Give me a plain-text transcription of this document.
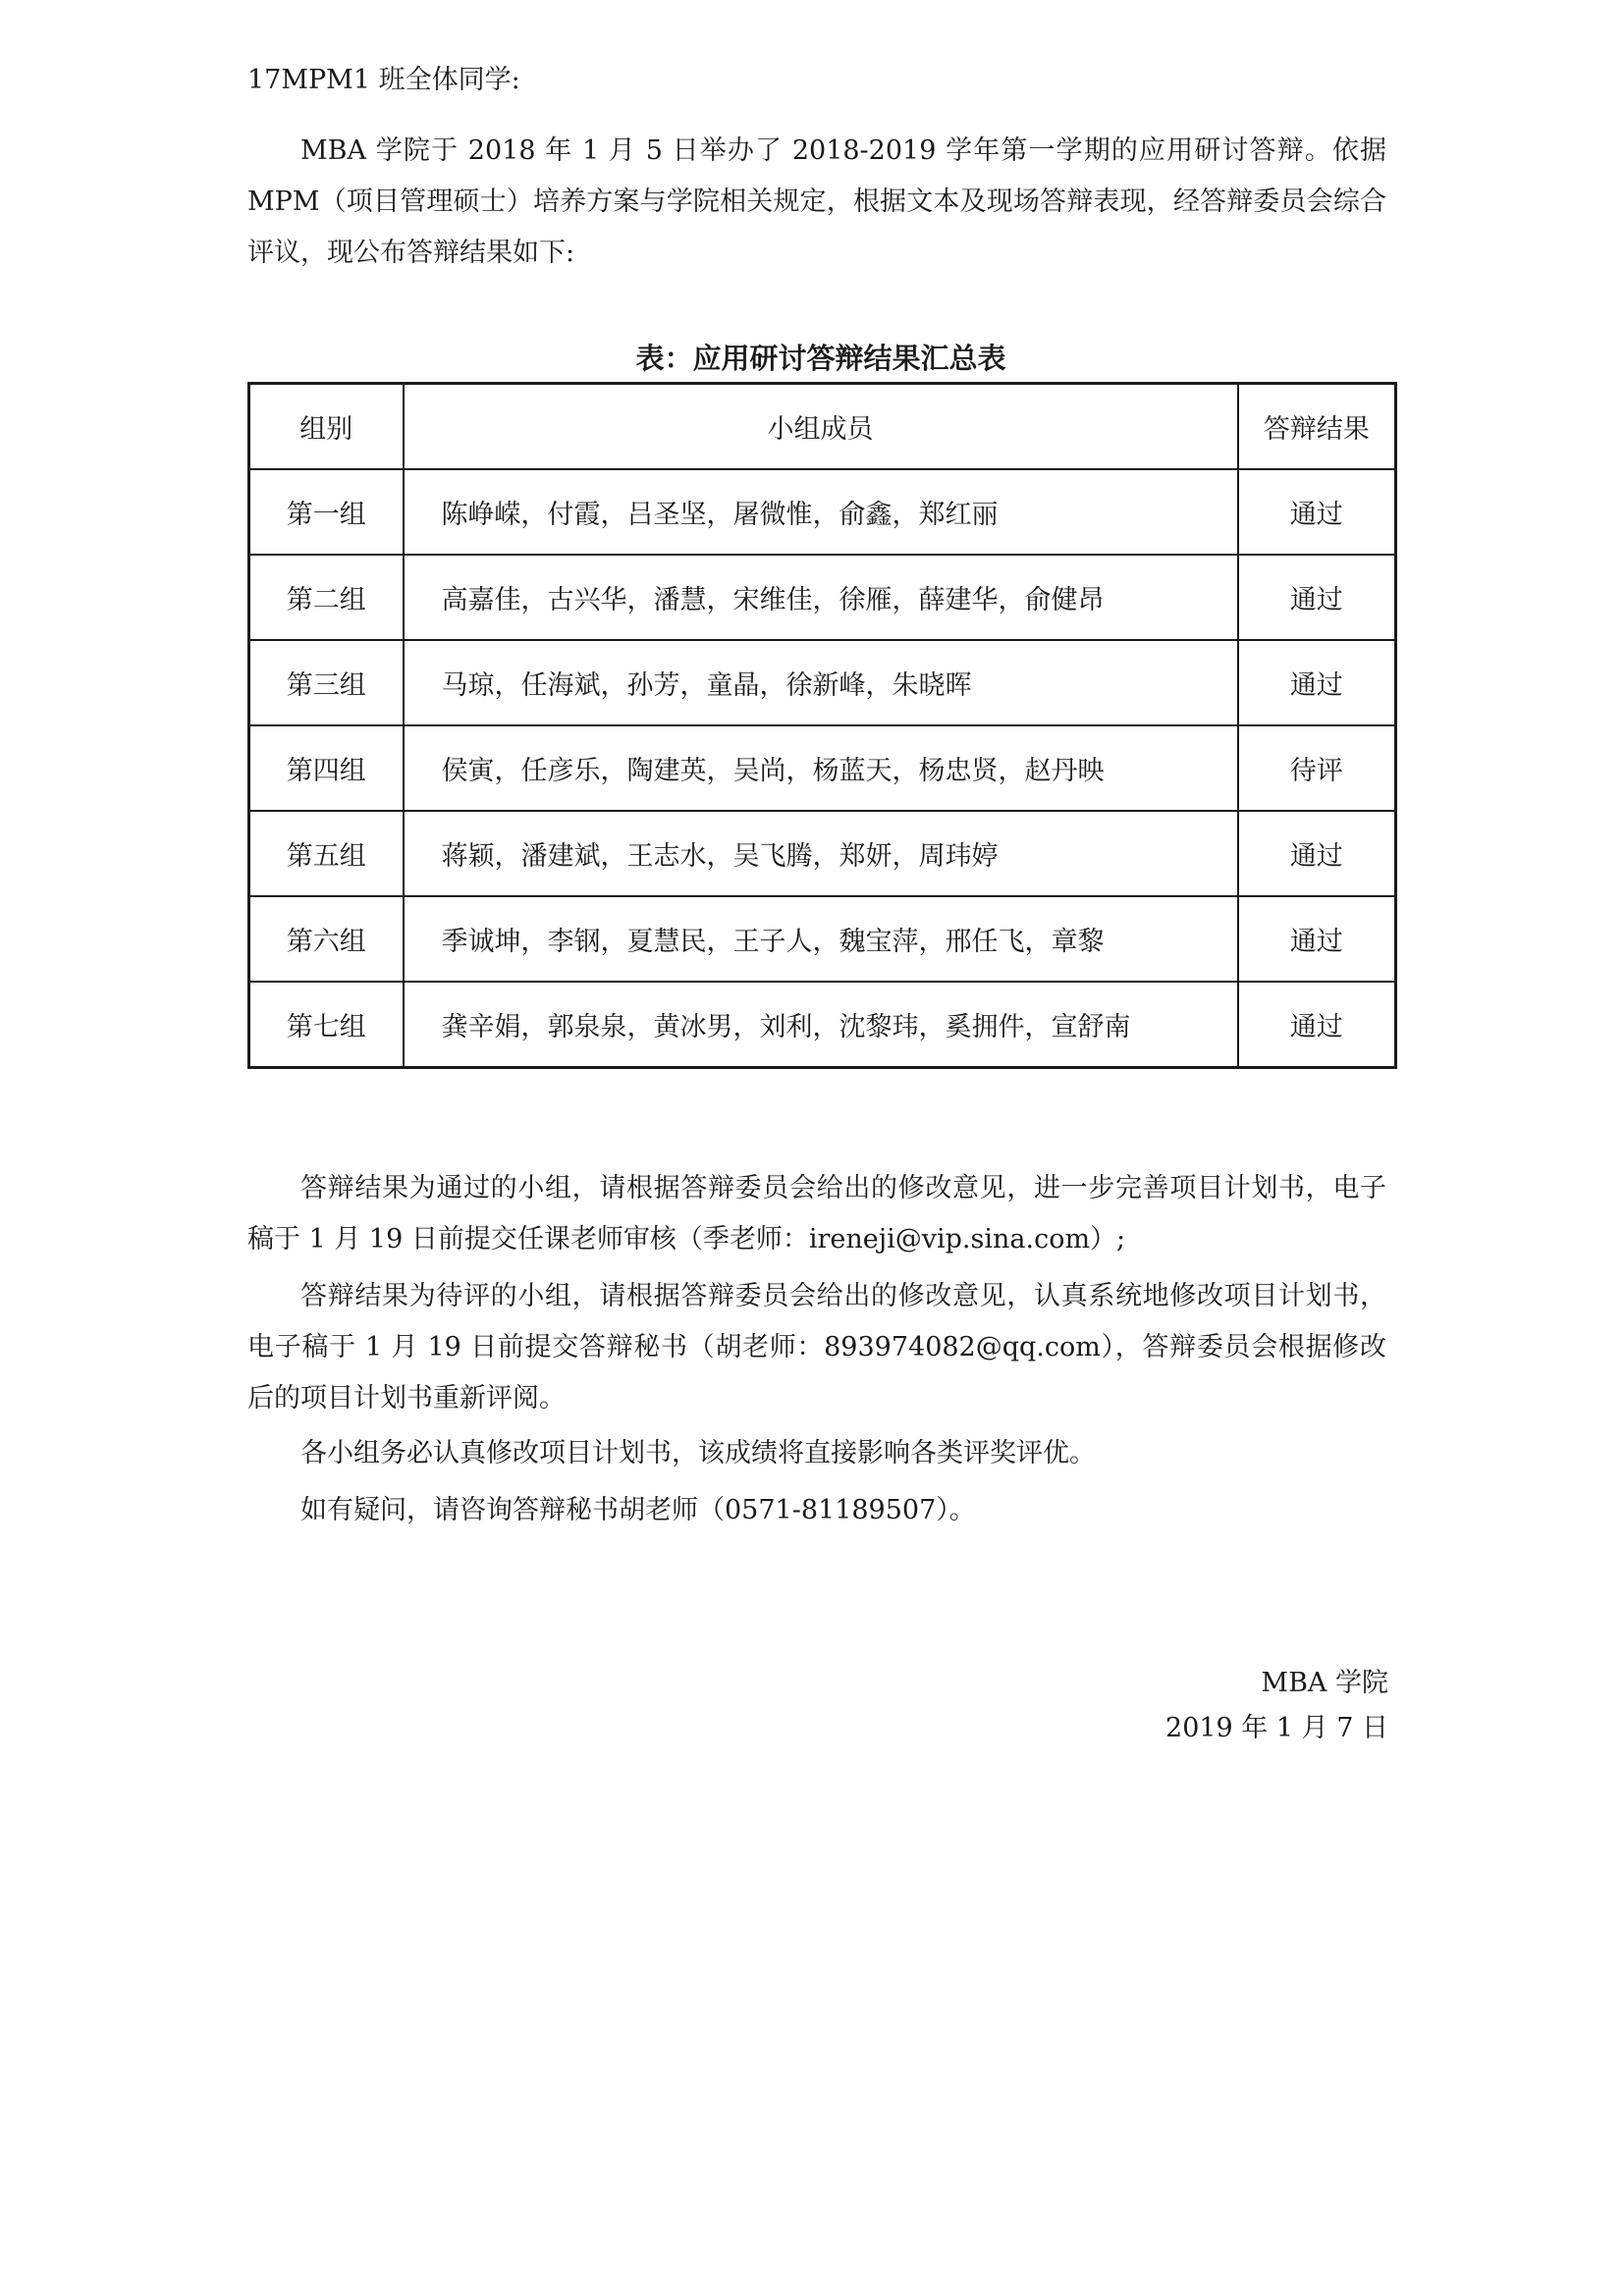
17MPM1 班全体同学:

MBA 学院于 2018 年 1 月 5 日举办了 2018-2019 学年第一学期的应用研讨答辩。依据 MPM（项目管理硕士）培养方案与学院相关规定，根据文本及现场答辩表现，经答辩委员会综合评议，现公布答辩结果如下:

表：应用研讨答辩结果汇总表
组别	小组成员	答辩结果
第一组	陈峥嵘，付霞，吕圣坚，屠微惟，俞鑫，郑红丽	通过
第二组	高嘉佳，古兴华，潘慧，宋维佳，徐雁，薛建华，俞健昂	通过
第三组	马琼，任海斌，孙芳，童晶，徐新峰，朱晓晖	通过
第四组	侯寅，任彦乐，陶建英，吴尚，杨蓝天，杨忠贤，赵丹映	待评
第五组	蒋颖，潘建斌，王志水，吴飞腾，郑妍，周玮婷	通过
第六组	季诚坤，李钢，夏慧民，王子人，魏宝萍，邢任飞，章黎	通过
第七组	龚辛娟，郭泉泉，黄冰男，刘利，沈黎玮，奚拥件，宣舒南	通过

答辩结果为通过的小组，请根据答辩委员会给出的修改意见，进一步完善项目计划书，电子稿于 1 月 19 日前提交任课老师审核（季老师：ireneji@vip.sina.com）;

答辩结果为待评的小组，请根据答辩委员会给出的修改意见，认真系统地修改项目计划书，电子稿于 1 月 19 日前提交答辩秘书（胡老师：893974082@qq.com），答辩委员会根据修改后的项目计划书重新评阅。

各小组务必认真修改项目计划书，该成绩将直接影响各类评奖评优。

如有疑问，请咨询答辩秘书胡老师（0571-81189507）。

MBA 学院
2019 年 1 月 7 日
